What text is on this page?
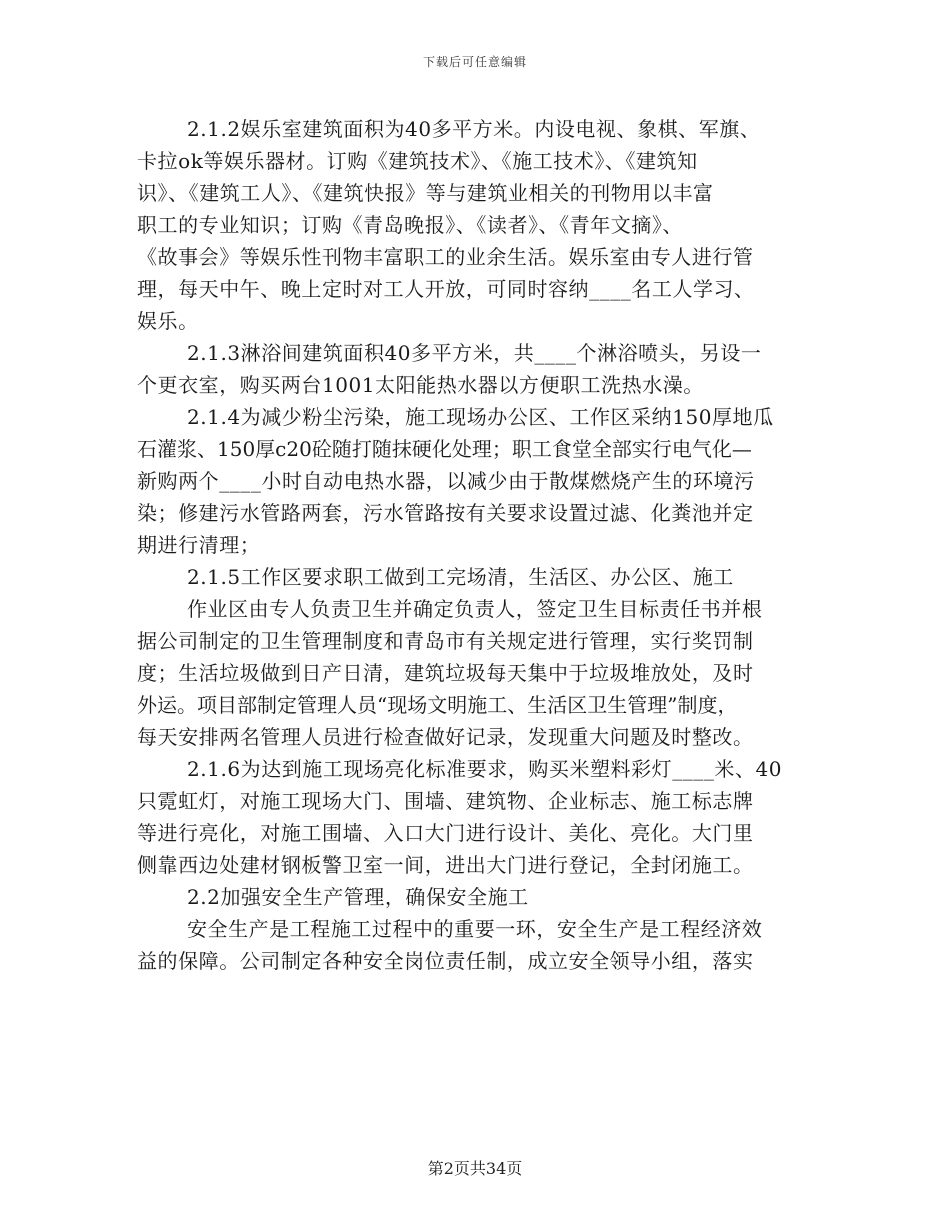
下载后可任意编辑
2.1.2娱乐室建筑面积为40多平方米。内设电视、象棋、军旗、
卡拉ok等娱乐器材。订购《建筑技术》、《施工技术》、《建筑知
识》、《建筑工人》、《建筑快报》等与建筑业相关的刊物用以丰富
职工的专业知识；订购《青岛晚报》、《读者》、《青年文摘》、
《故事会》等娱乐性刊物丰富职工的业余生活。娱乐室由专人进行管
理，每天中午、晚上定时对工人开放，可同时容纳____名工人学习、
娱乐。
2.1.3淋浴间建筑面积40多平方米，共____个淋浴喷头，另设一
个更衣室，购买两台1001太阳能热水器以方便职工洗热水澡。
2.1.4为减少粉尘污染，施工现场办公区、工作区采纳150厚地瓜
石灌浆、150厚c20砼随打随抹硬化处理；职工食堂全部实行电气化—
新购两个____小时自动电热水器，以减少由于散煤燃烧产生的环境污
染；修建污水管路两套，污水管路按有关要求设置过滤、化粪池并定
期进行清理；
2.1.5工作区要求职工做到工完场清，生活区、办公区、施工
作业区由专人负责卫生并确定负责人，签定卫生目标责任书并根
据公司制定的卫生管理制度和青岛市有关规定进行管理，实行奖罚制
度；生活垃圾做到日产日清，建筑垃圾每天集中于垃圾堆放处，及时
外运。项目部制定管理人员“现场文明施工、生活区卫生管理”制度，
每天安排两名管理人员进行检查做好记录，发现重大问题及时整改。
2.1.6为达到施工现场亮化标准要求，购买米塑料彩灯____米、40
只霓虹灯，对施工现场大门、围墙、建筑物、企业标志、施工标志牌
等进行亮化，对施工围墙、入口大门进行设计、美化、亮化。大门里
侧靠西边处建材钢板警卫室一间，进出大门进行登记，全封闭施工。
2.2加强安全生产管理，确保安全施工
安全生产是工程施工过程中的重要一环，安全生产是工程经济效
益的保障。公司制定各种安全岗位责任制，成立安全领导小组，落实
第2页共34页
